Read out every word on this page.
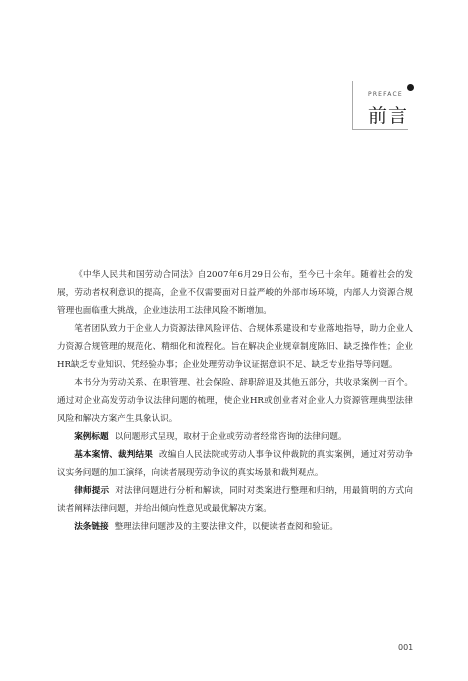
PREFACE
前言

《中华人民共和国劳动合同法》自2007年6月29日公布，至今已十余年。随着社会的发展，劳动者权利意识的提高，企业不仅需要面对日益严峻的外部市场环境，内部人力资源合规管理也面临重大挑战，企业违法用工法律风险不断增加。

笔者团队致力于企业人力资源法律风险评估、合规体系建设和专业落地指导，助力企业人力资源合规管理的规范化、精细化和流程化。旨在解决企业规章制度陈旧、缺乏操作性；企业HR缺乏专业知识、凭经验办事；企业处理劳动争议证据意识不足、缺乏专业指导等问题。

本书分为劳动关系、在职管理、社会保险、辞职辞退及其他五部分，共收录案例一百个。通过对企业高发劳动争议法律问题的梳理，使企业HR或创业者对企业人力资源管理典型法律风险和解决方案产生具象认识。

案例标题 以问题形式呈现，取材于企业或劳动者经常咨询的法律问题。

基本案情、裁判结果 改编自人民法院或劳动人事争议仲裁院的真实案例，通过对劳动争议实务问题的加工演绎，向读者展现劳动争议的真实场景和裁判观点。

律师提示 对法律问题进行分析和解读，同时对类案进行整理和归纳，用最简明的方式向读者阐释法律问题，并给出倾向性意见或最优解决方案。

法条链接 整理法律问题涉及的主要法律文件，以便读者查阅和验证。

001
